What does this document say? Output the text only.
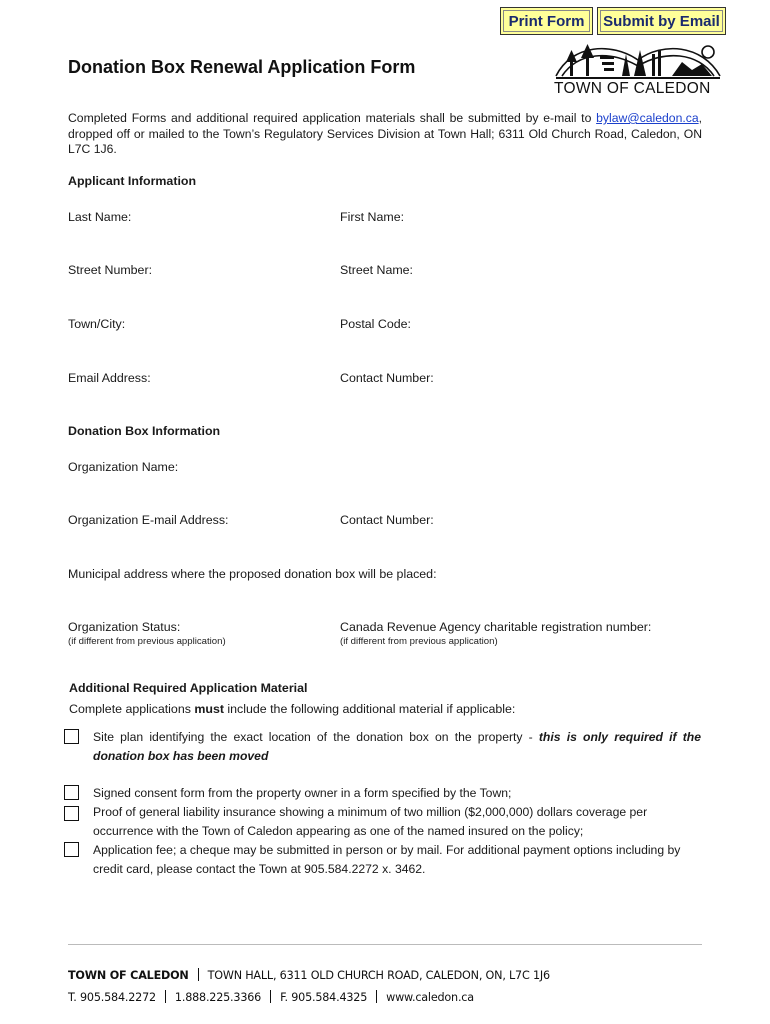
Print Form	Submit by Email
TOWN OF CALEDON
Donation Box Renewal Application Form
Completed Forms and additional required application materials shall be submitted by e-mail to bylaw@caledon.ca, dropped off or mailed to the Town’s Regulatory Services Division at Town Hall; 6311 Old Church Road, Caledon, ON L7C 1J6.
Applicant Information
Last Name:	First Name:
Street Number:	Street Name:
Town/City:	Postal Code:
Email Address:	Contact Number:
Donation Box Information
Organization Name:
Organization E-mail Address:	Contact Number:
Municipal address where the proposed donation box will be placed:
Organization Status:
(if different from previous application)
Canada Revenue Agency charitable registration number:
(if different from previous application)
Additional Required Application Material
Complete applications must include the following additional material if applicable:
Site plan identifying the exact location of the donation box on the property - this is only required if the donation box has been moved
Signed consent form from the property owner in a form specified by the Town;
Proof of general liability insurance showing a minimum of two million ($2,000,000) dollars coverage per occurrence with the Town of Caledon appearing as one of the named insured on the policy;
Application fee; a cheque may be submitted in person or by mail. For additional payment options including by credit card, please contact the Town at 905.584.2272 x. 3462.
TOWN OF CALEDON TOWN HALL, 6311 OLD CHURCH ROAD, CALEDON, ON, L7C 1J6
T. 905.584.2272 1.888.225.3366 F. 905.584.4325 www.caledon.ca
